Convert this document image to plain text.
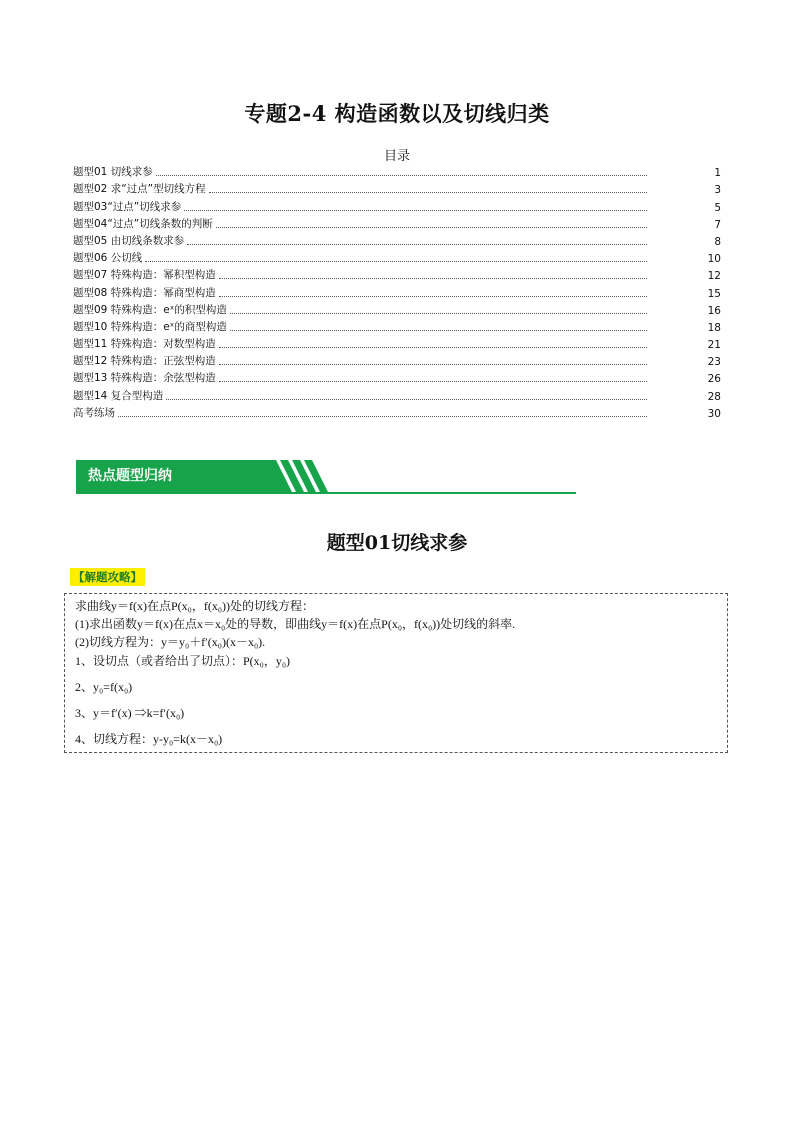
专题2-4 构造函数以及切线归类
目录
题型01 切线求参	1
题型02 求“过点”型切线方程	3
题型03“过点”切线求参	5
题型04“过点”切线条数的判断	7
题型05 由切线条数求参	8
题型06 公切线	10
题型07 特殊构造：幂积型构造	12
题型08 特殊构造：幂商型构造	15
题型09 特殊构造：eˣ的积型构造	16
题型10 特殊构造：eˣ的商型构造	18
题型11 特殊构造：对数型构造	21
题型12 特殊构造：正弦型构造	23
题型13 特殊构造：余弦型构造	26
题型14 复合型构造	28
高考练场	30
热点题型归纳
题型01切线求参
【解题攻略】
求曲线y＝f(x)在点P(x₀，f(x₀))处的切线方程：
(1)求出函数y＝f(x)在点x＝x₀处的导数，即曲线y＝f(x)在点P(x₀，f(x₀))处切线的斜率.
(2)切线方程为：y＝y₀＋f′(x₀)(x－x₀).
1、设切点（或者给出了切点）：P(x₀，y₀)
2、y₀=f(x₀)
3、y＝f′(x) ⇒k=f′(x₀)
4、切线方程：y-y₀=k(x－x₀)
